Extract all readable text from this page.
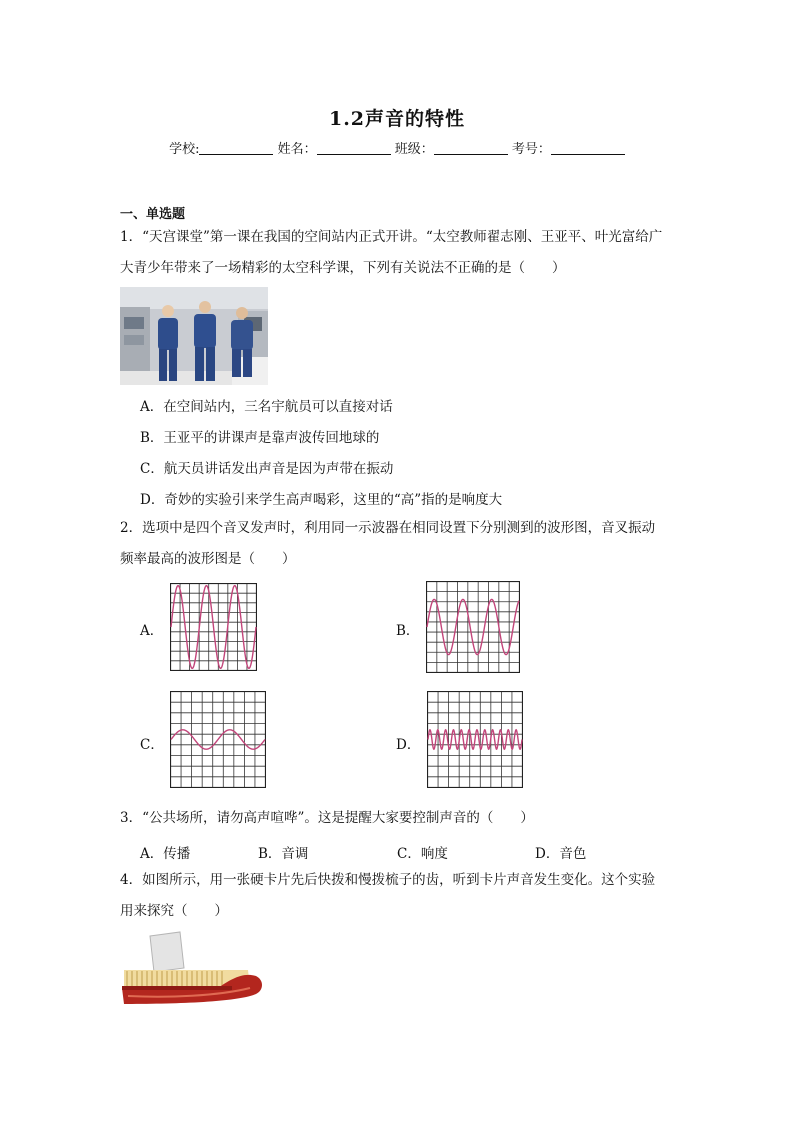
1.2声音的特性
学校:	姓名：	班级：	考号：
一、单选题
1．“天宫课堂”第一课在我国的空间站内正式开讲。“太空教师翟志刚、王亚平、叶光富给广
大青少年带来了一场精彩的太空科学课，下列有关说法不正确的是（　　）
A．在空间站内，三名宇航员可以直接对话
B．王亚平的讲课声是靠声波传回地球的
C．航天员讲话发出声音是因为声带在振动
D．奇妙的实验引来学生高声喝彩，这里的“高”指的是响度大
2．选项中是四个音叉发声时，利用同一示波器在相同设置下分别测到的波形图，音叉振动
频率最高的波形图是（　　）
A．	B．
C．	D．
3．“公共场所，请勿高声喧哗”。这是提醒大家要控制声音的（　　）
A．传播	B．音调	C．响度	D．音色
4．如图所示，用一张硬卡片先后快拨和慢拨梳子的齿，听到卡片声音发生变化。这个实验
用来探究（　　）
